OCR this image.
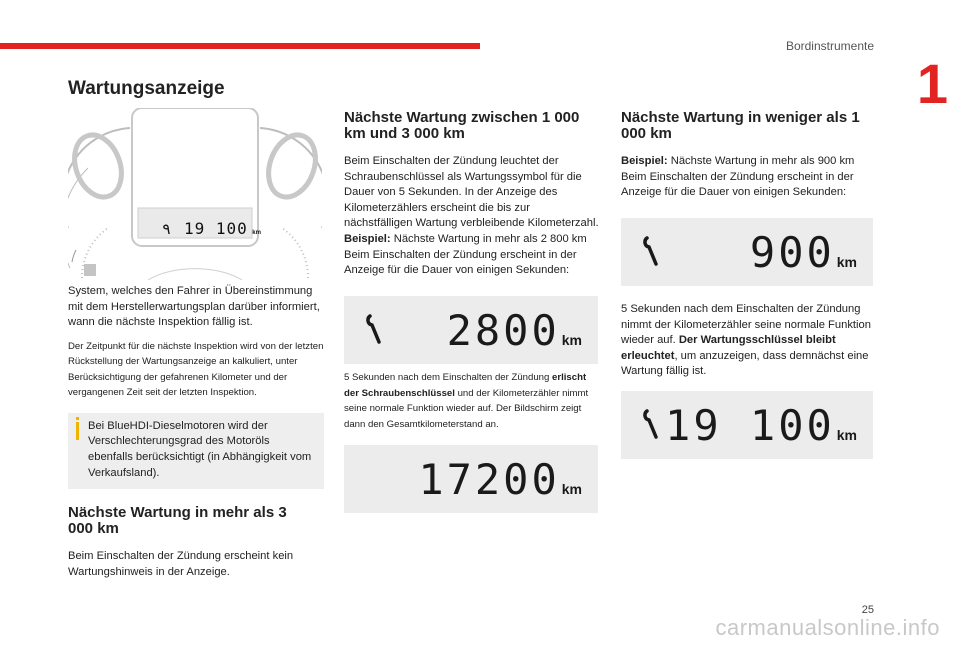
Bordinstrumente
1
Wartungsanzeige
٩ 19 100 km

System, welches den Fahrer in Übereinstimmung mit dem Herstellerwartungsplan darüber informiert, wann die nächste Inspektion fällig ist.

Der Zeitpunkt für die nächste Inspektion wird von der letzten Rückstellung der Wartungsanzeige an kalkuliert, unter Berücksichtigung der gefahrenen Kilometer und der vergangenen Zeit seit der letzten Inspektion.

Bei BlueHDI-Dieselmotoren wird der Verschlechterungsgrad des Motoröls ebenfalls berücksichtigt (in Abhängigkeit vom Verkaufsland).
Nächste Wartung in mehr als 3 000 km

Beim Einschalten der Zündung erscheint kein Wartungshinweis in der Anzeige.

Nächste Wartung zwischen 1 000 km und 3 000 km

Beim Einschalten der Zündung leuchtet der Schraubenschlüssel als Wartungssymbol für die Dauer von 5 Sekunden. In der Anzeige des Kilometerzählers erscheint die bis zur nächstfälligen Wartung verbleibende Kilometerzahl.

Beispiel: Nächste Wartung in mehr als 2 800 km Beim Einschalten der Zündung erscheint in der Anzeige für die Dauer von einigen Sekunden:

2800 km

5 Sekunden nach dem Einschalten der Zündung erlischt der Schraubenschlüssel und der Kilometerzähler nimmt seine normale Funktion wieder auf. Der Bildschirm zeigt dann den Gesamtkilometerstand an.

17200 km
Nächste Wartung in weniger als 1 000 km

Beispiel: Nächste Wartung in mehr als 900 km Beim Einschalten der Zündung erscheint in der Anzeige für die Dauer von einigen Sekunden:

900 km

5 Sekunden nach dem Einschalten der Zündung nimmt der Kilometerzähler seine normale Funktion wieder auf. Der Wartungsschlüssel bleibt erleuchtet, um anzuzeigen, dass demnächst eine Wartung fällig ist.

19 100 km
25
carmanualsonline.info
